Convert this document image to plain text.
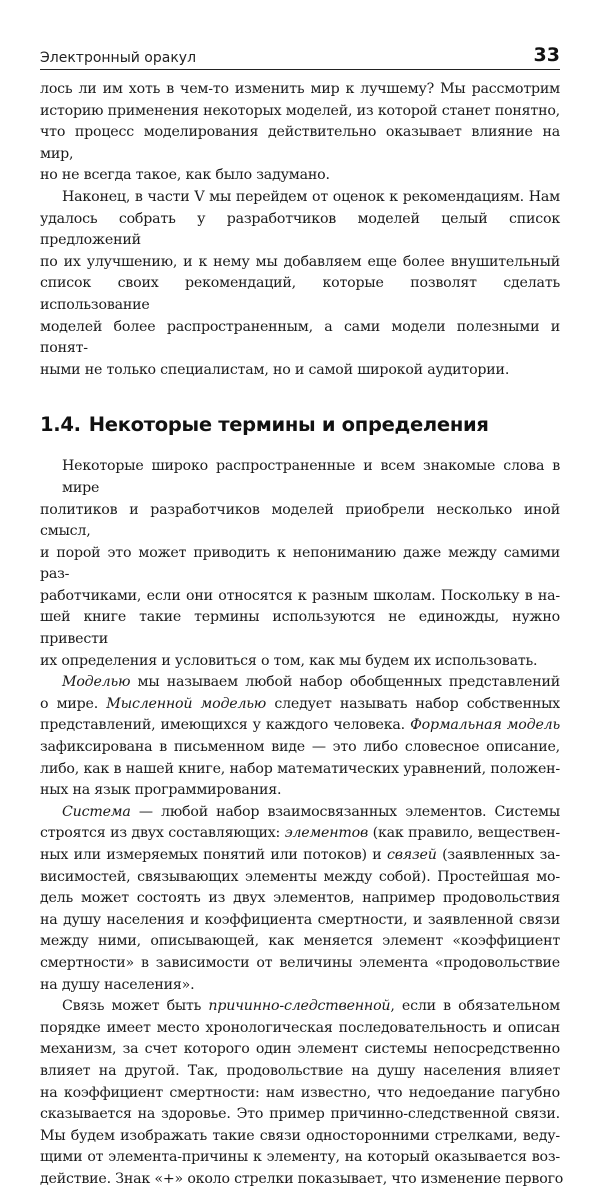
Электронный оракул	33

лось ли им хоть в чем-то изменить мир к лучшему? Мы рассмотрим
историю применения некоторых моделей, из которой станет понятно,
что процесс моделирования действительно оказывает влияние на мир,
но не всегда такое, как было задумано.

Наконец, в части V мы перейдем от оценок к рекомендациям. Нам
удалось собрать у разработчиков моделей целый список предложений
по их улучшению, и к нему мы добавляем еще более внушительный
список своих рекомендаций, которые позволят сделать использование
моделей более распространенным, а сами модели полезными и понят-
ными не только специалистам, но и самой широкой аудитории.

1.4. Некоторые термины и определения

Некоторые широко распространенные и всем знакомые слова в мире
политиков и разработчиков моделей приобрели несколько иной смысл,
и порой это может приводить к непониманию даже между самими раз-
работчиками, если они относятся к разным школам. Поскольку в на-
шей книге такие термины используются не единожды, нужно привести
их определения и условиться о том, как мы будем их использовать.

Моделью мы называем любой набор обобщенных представлений
о мире. Мысленной моделью следует называть набор собственных
представлений, имеющихся у каждого человека. Формальная модель
зафиксирована в письменном виде — это либо словесное описание,
либо, как в нашей книге, набор математических уравнений, положен-
ных на язык программирования.

Система — любой набор взаимосвязанных элементов. Системы
строятся из двух составляющих: элементов (как правило, веществен-
ных или измеряемых понятий или потоков) и связей (заявленных за-
висимостей, связывающих элементы между собой). Простейшая мо-
дель может состоять из двух элементов, например продовольствия
на душу населения и коэффициента смертности, и заявленной связи
между ними, описывающей, как меняется элемент «коэффициент
смертности» в зависимости от величины элемента «продовольствие
на душу населения».

Связь может быть причинно-следственной, если в обязательном
порядке имеет место хронологическая последовательность и описан
механизм, за счет которого один элемент системы непосредственно
влияет на другой. Так, продовольствие на душу населения влияет
на коэффициент смертности: нам известно, что недоедание пагубно
сказывается на здоровье. Это пример причинно-следственной связи.
Мы будем изображать такие связи односторонними стрелками, веду-
щими от элемента-причины к элементу, на который оказывается воз-
действие. Знак «+» около стрелки показывает, что изменение первого
